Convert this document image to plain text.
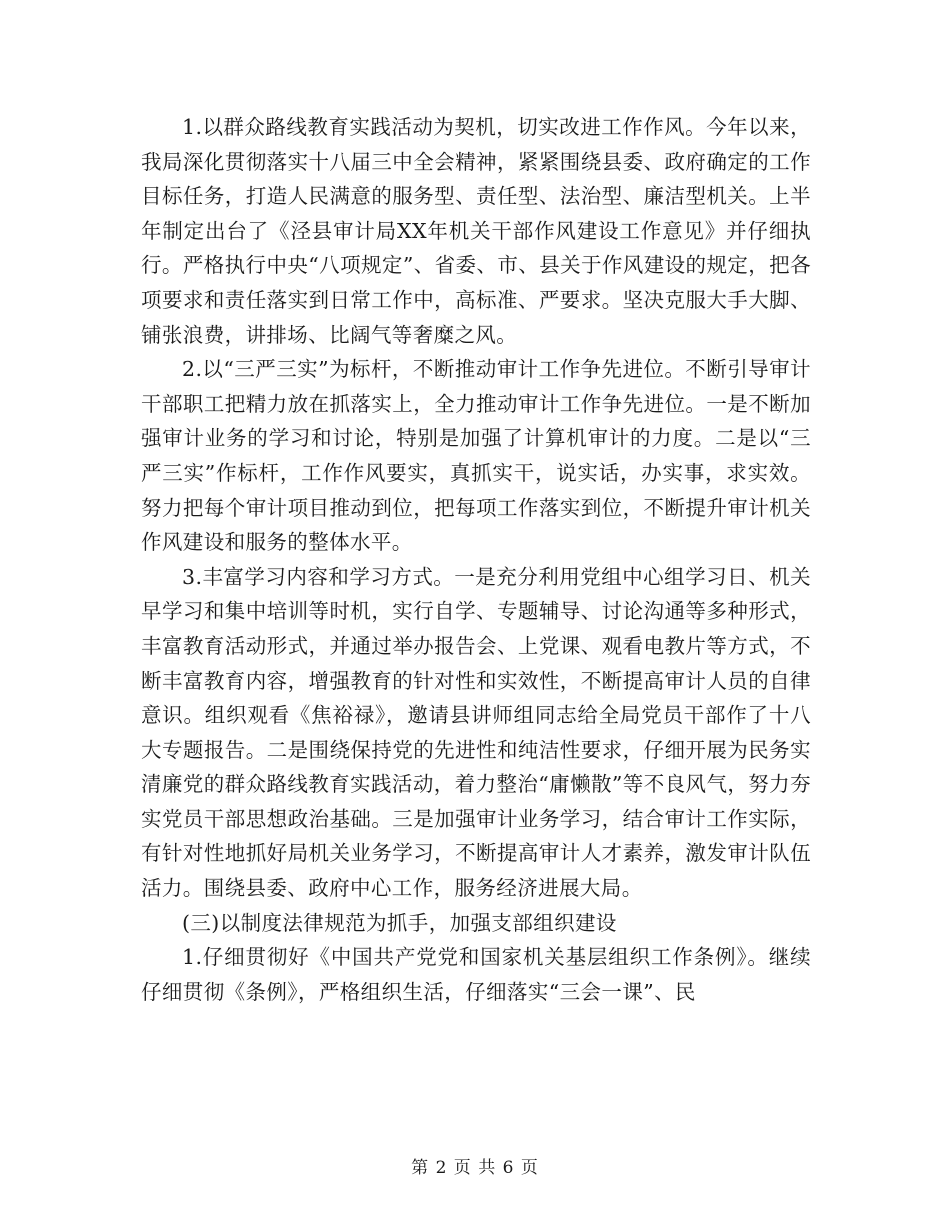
1.以群众路线教育实践活动为契机，切实改进工作作风。今年以来，我局深化贯彻落实十八届三中全会精神，紧紧围绕县委、政府确定的工作目标任务，打造人民满意的服务型、责任型、法治型、廉洁型机关。上半年制定出台了《泾县审计局XX年机关干部作风建设工作意见》并仔细执行。严格执行中央“八项规定”、省委、市、县关于作风建设的规定，把各项要求和责任落实到日常工作中，高标准、严要求。坚决克服大手大脚、铺张浪费，讲排场、比阔气等奢糜之风。

2.以“三严三实”为标杆，不断推动审计工作争先进位。不断引导审计干部职工把精力放在抓落实上，全力推动审计工作争先进位。一是不断加强审计业务的学习和讨论，特别是加强了计算机审计的力度。二是以“三严三实”作标杆，工作作风要实，真抓实干，说实话，办实事，求实效。努力把每个审计项目推动到位，把每项工作落实到位，不断提升审计机关作风建设和服务的整体水平。

3.丰富学习内容和学习方式。一是充分利用党组中心组学习日、机关早学习和集中培训等时机，实行自学、专题辅导、讨论沟通等多种形式，丰富教育活动形式，并通过举办报告会、上党课、观看电教片等方式，不断丰富教育内容，增强教育的针对性和实效性，不断提高审计人员的自律意识。组织观看《焦裕禄》，邀请县讲师组同志给全局党员干部作了十八大专题报告。二是围绕保持党的先进性和纯洁性要求，仔细开展为民务实清廉党的群众路线教育实践活动，着力整治“庸懒散”等不良风气，努力夯实党员干部思想政治基础。三是加强审计业务学习，结合审计工作实际，有针对性地抓好局机关业务学习，不断提高审计人才素养，激发审计队伍活力。围绕县委、政府中心工作，服务经济进展大局。

(三)以制度法律规范为抓手，加强支部组织建设

1.仔细贯彻好《中国共产党党和国家机关基层组织工作条例》。继续仔细贯彻《条例》，严格组织生活，仔细落实“三会一课”、民

第 2 页 共 6 页
